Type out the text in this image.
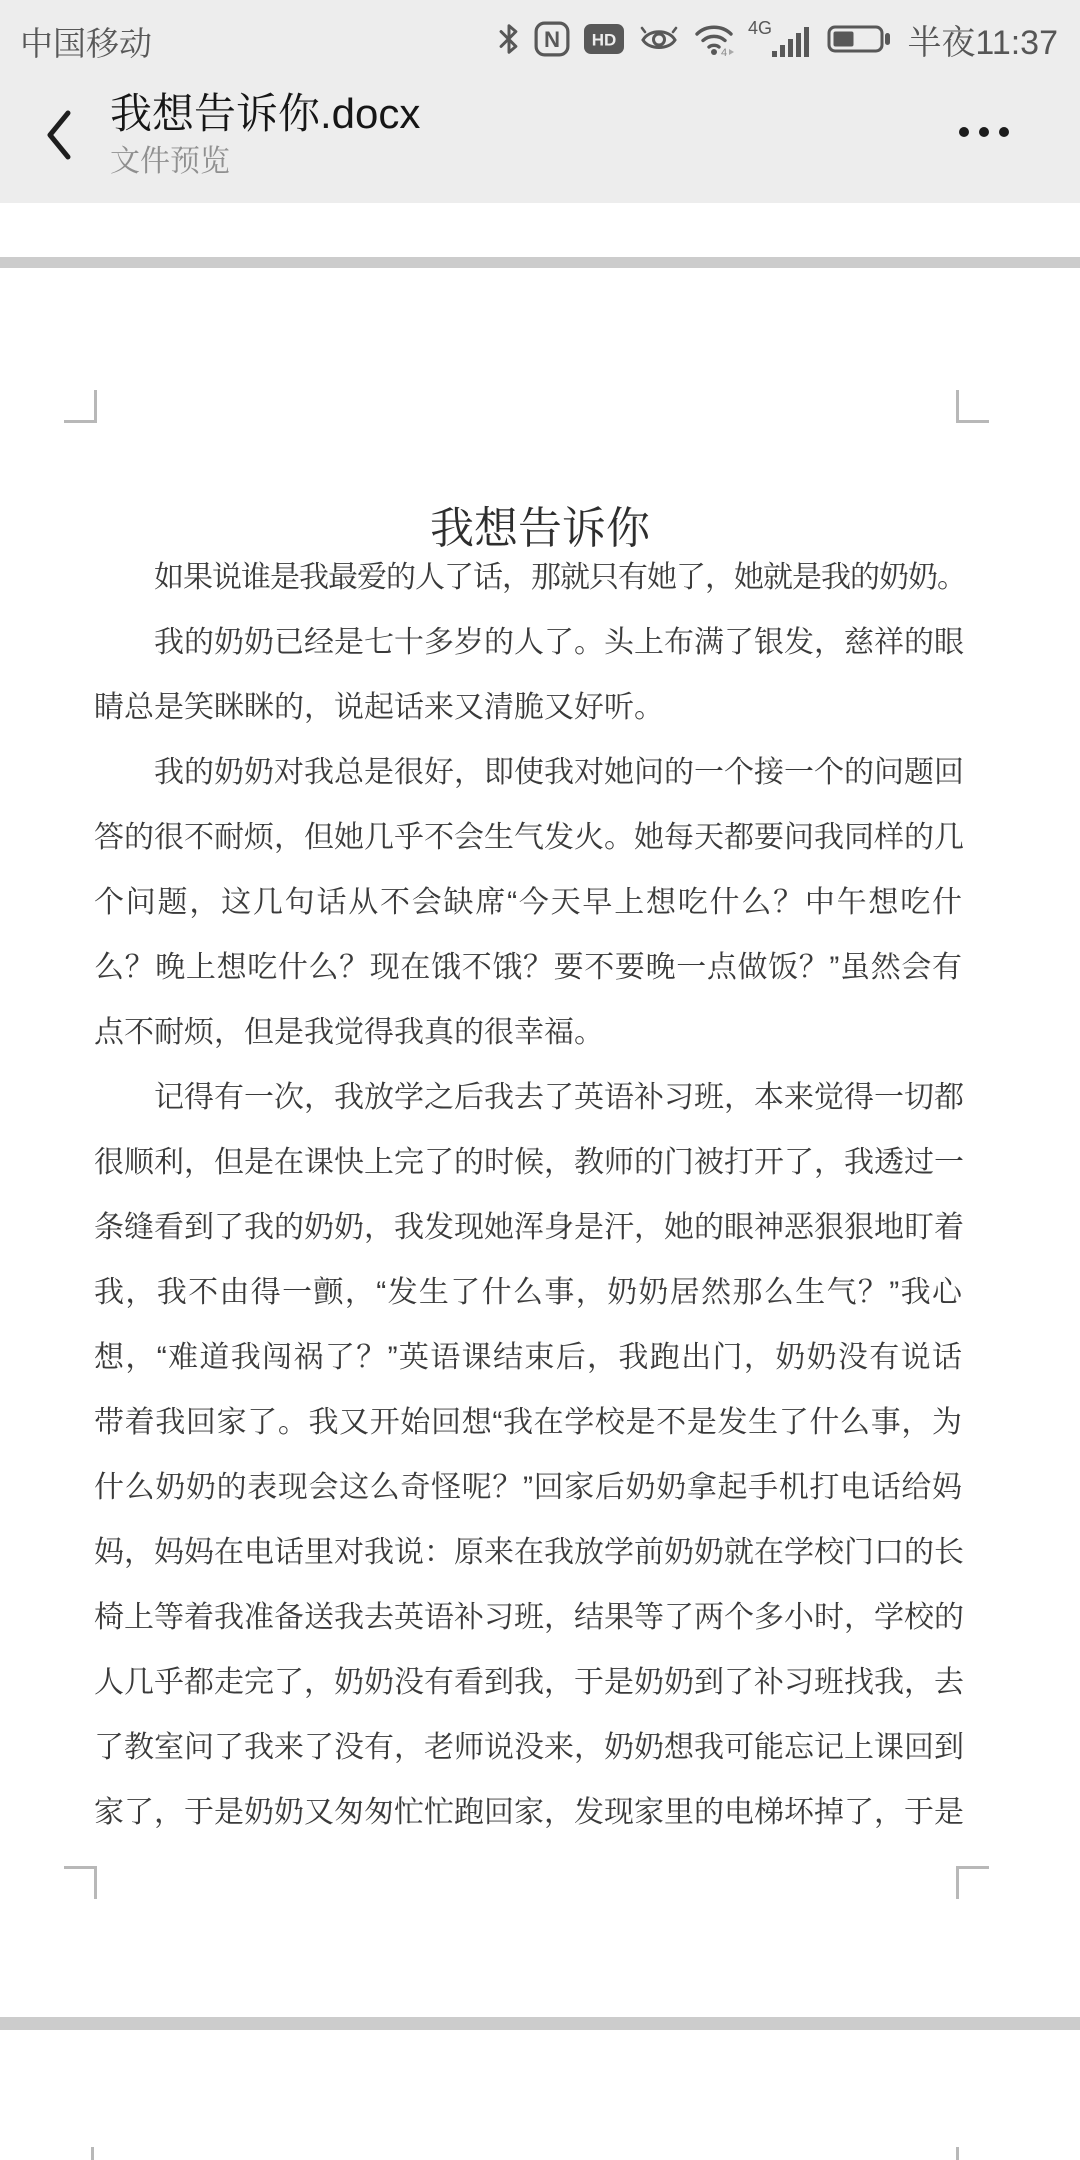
中国移动	N HD
4
4G	半夜11:37
我想告诉你.docx
文件预览
我想告诉你
如果说谁是我最爱的人了话，那就只有她了，她就是我的奶奶。
我的奶奶已经是七十多岁的人了。头上布满了银发，慈祥的眼
睛总是笑眯眯的，说起话来又清脆又好听。
我的奶奶对我总是很好，即使我对她问的一个接一个的问题回
答的很不耐烦，但她几乎不会生气发火。她每天都要问我同样的几
个问题，这几句话从不会缺席“今天早上想吃什么？中午想吃什
么？晚上想吃什么？现在饿不饿？要不要晚一点做饭？”虽然会有
点不耐烦，但是我觉得我真的很幸福。
记得有一次，我放学之后我去了英语补习班，本来觉得一切都
很顺利，但是在课快上完了的时候，教师的门被打开了，我透过一
条缝看到了我的奶奶，我发现她浑身是汗，她的眼神恶狠狠地盯着
我，我不由得一颤，“发生了什么事，奶奶居然那么生气？”我心
想，“难道我闯祸了？”英语课结束后，我跑出门，奶奶没有说话
带着我回家了。我又开始回想“我在学校是不是发生了什么事，为
什么奶奶的表现会这么奇怪呢？”回家后奶奶拿起手机打电话给妈
妈，妈妈在电话里对我说：原来在我放学前奶奶就在学校门口的长
椅上等着我准备送我去英语补习班，结果等了两个多小时，学校的
人几乎都走完了，奶奶没有看到我，于是奶奶到了补习班找我，去
了教室问了我来了没有，老师说没来，奶奶想我可能忘记上课回到
家了，于是奶奶又匆匆忙忙跑回家，发现家里的电梯坏掉了，于是
